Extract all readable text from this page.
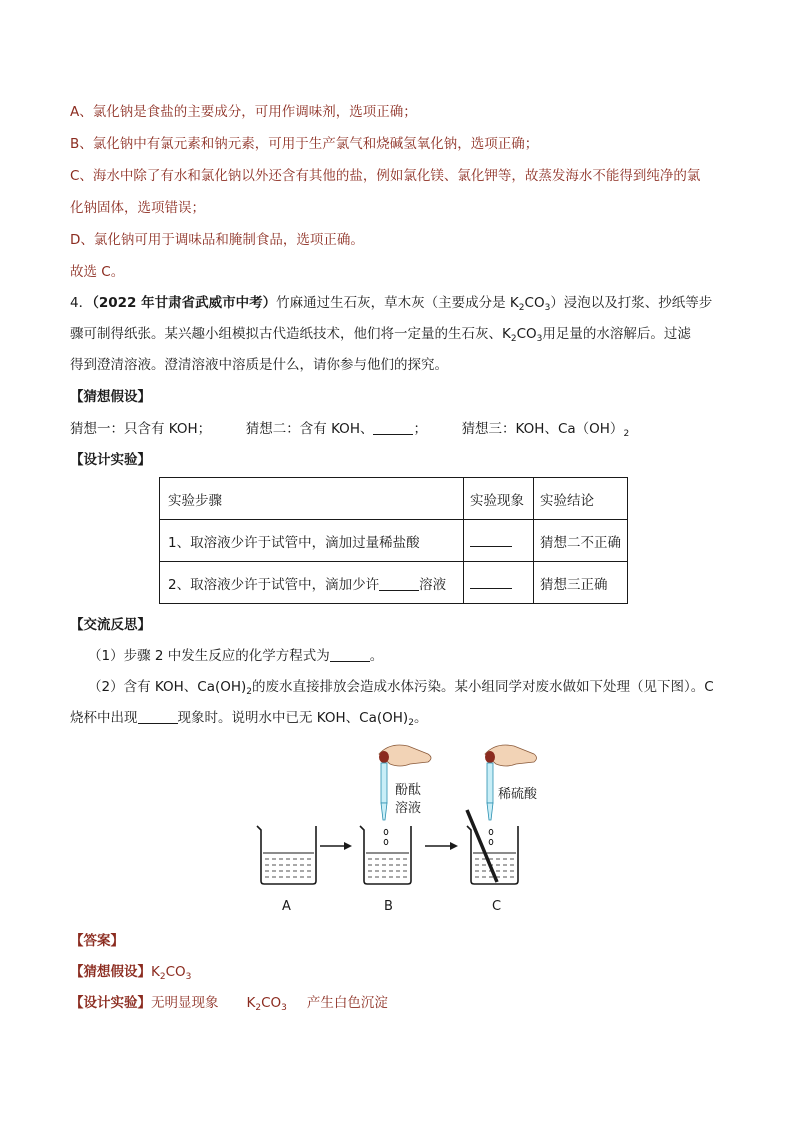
A、氯化钠是食盐的主要成分，可用作调味剂，选项正确；
B、氯化钠中有氯元素和钠元素，可用于生产氯气和烧碱氢氧化钠，选项正确；
C、海水中除了有水和氯化钠以外还含有其他的盐，例如氯化镁、氯化钾等，故蒸发海水不能得到纯净的氯
化钠固体，选项错误；
D、氯化钠可用于调味品和腌制食品，选项正确。
故选 C。
4．（2022 年甘肃省武威市中考）竹麻通过生石灰，草木灰（主要成分是 $K_2CO_3$）浸泡以及打浆、抄纸等步
骤可制得纸张。某兴趣小组模拟古代造纸技术，他们将一定量的生石灰、$K_2CO_3$用足量的水溶解后。过滤
得到澄清溶液。澄清溶液中溶质是什么，请你参与他们的探究。
【猜想假设】
猜想一：只含有 KOH；	猜想二：含有 KOH、	；	猜想三：KOH、$Ca(OH)_2$
【设计实验】
实验步骤	实验现象	实验结论
1、取溶液少许于试管中，滴加过量稀盐酸		猜想二不正确
2、取溶液少许于试管中，滴加少许 溶液		猜想三正确
【交流反思】
（1）步骤 2 中发生反应的化学方程式为	。
（2）含有 KOH、$Ca(OH)_2$的废水直接排放会造成水体污染。某小组同学对废水做如下处理（见下图）。C
烧杯中出现	现象时。说明水中已无 KOH、$Ca(OH)_2$。
酚酞
溶液
稀硫酸
A	B	C
【答案】
【猜想假设】$K_2CO_3$
【设计实验】无明显现象 $K_2CO_3$ 产生白色沉淀
